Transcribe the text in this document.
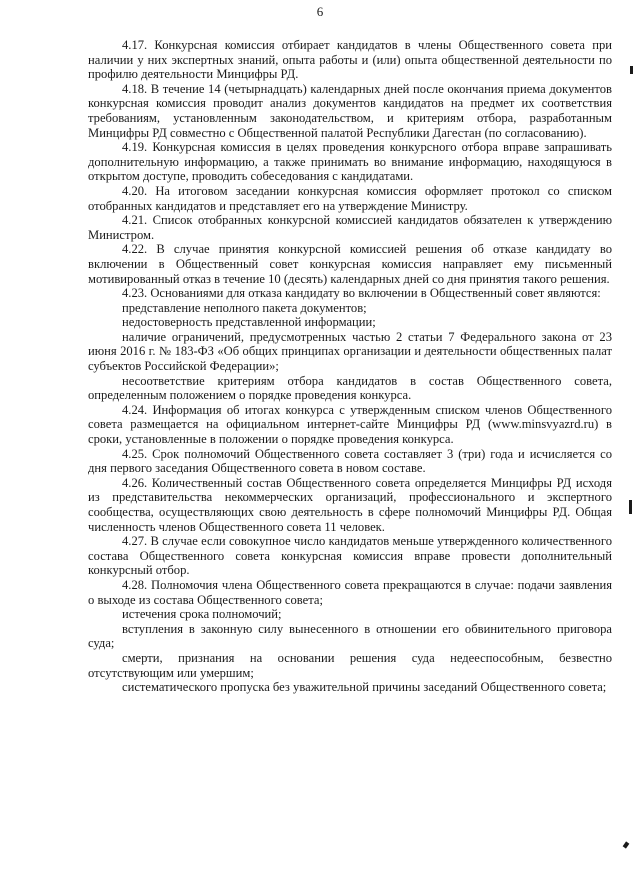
6

4.17. Конкурсная комиссия отбирает кандидатов в члены Общественного совета при наличии у них экспертных знаний, опыта работы и (или) опыта общественной деятельности по профилю деятельности Минцифры РД.

4.18. В течение 14 (четырнадцать) календарных дней после окончания приема документов конкурсная комиссия проводит анализ документов кандидатов на предмет их соответствия требованиям, установленным законодательством, и критериям отбора, разработанным Минцифры РД совместно с Общественной палатой Республики Дагестан (по согласованию).

4.19. Конкурсная комиссия в целях проведения конкурсного отбора вправе запрашивать дополнительную информацию, а также принимать во внимание информацию, находящуюся в открытом доступе, проводить собеседования с кандидатами.

4.20. На итоговом заседании конкурсная комиссия оформляет протокол со списком отобранных кандидатов и представляет его на утверждение Министру.

4.21. Список отобранных конкурсной комиссией кандидатов обязателен к утверждению Министром.

4.22. В случае принятия конкурсной комиссией решения об отказе кандидату во включении в Общественный совет конкурсная комиссия направляет ему письменный мотивированный отказ в течение 10 (десять) календарных дней со дня принятия такого решения.

4.23. Основаниями для отказа кандидату во включении в Общественный совет являются:

представление неполного пакета документов;

недостоверность представленной информации;

наличие ограничений, предусмотренных частью 2 статьи 7 Федерального закона от 23 июня 2016 г. № 183-ФЗ «Об общих принципах организации и деятельности общественных палат субъектов Российской Федерации»;

несоответствие критериям отбора кандидатов в состав Общественного совета, определенным положением о порядке проведения конкурса.

4.24. Информация об итогах конкурса с утвержденным списком членов Общественного совета размещается на официальном интернет-сайте Минцифры РД (www.minsvyazrd.ru) в сроки, установленные в положении о порядке проведения конкурса.

4.25. Срок полномочий Общественного совета составляет 3 (три) года и исчисляется со дня первого заседания Общественного совета в новом составе.

4.26. Количественный состав Общественного совета определяется Минцифры РД исходя из представительства некоммерческих организаций, профессионального и экспертного сообщества, осуществляющих свою деятельность в сфере полномочий Минцифры РД. Общая численность членов Общественного совета 11 человек.

4.27. В случае если совокупное число кандидатов меньше утвержденного количественного состава Общественного совета конкурсная комиссия вправе провести дополнительный конкурсный отбор.

4.28. Полномочия члена Общественного совета прекращаются в случае: подачи заявления о выходе из состава Общественного совета;

истечения срока полномочий;

вступления в законную силу вынесенного в отношении его обвинительного приговора суда;

смерти, признания на основании решения суда недееспособным, безвестно отсутствующим или умершим;

систематического пропуска без уважительной причины заседаний Общественного совета;
